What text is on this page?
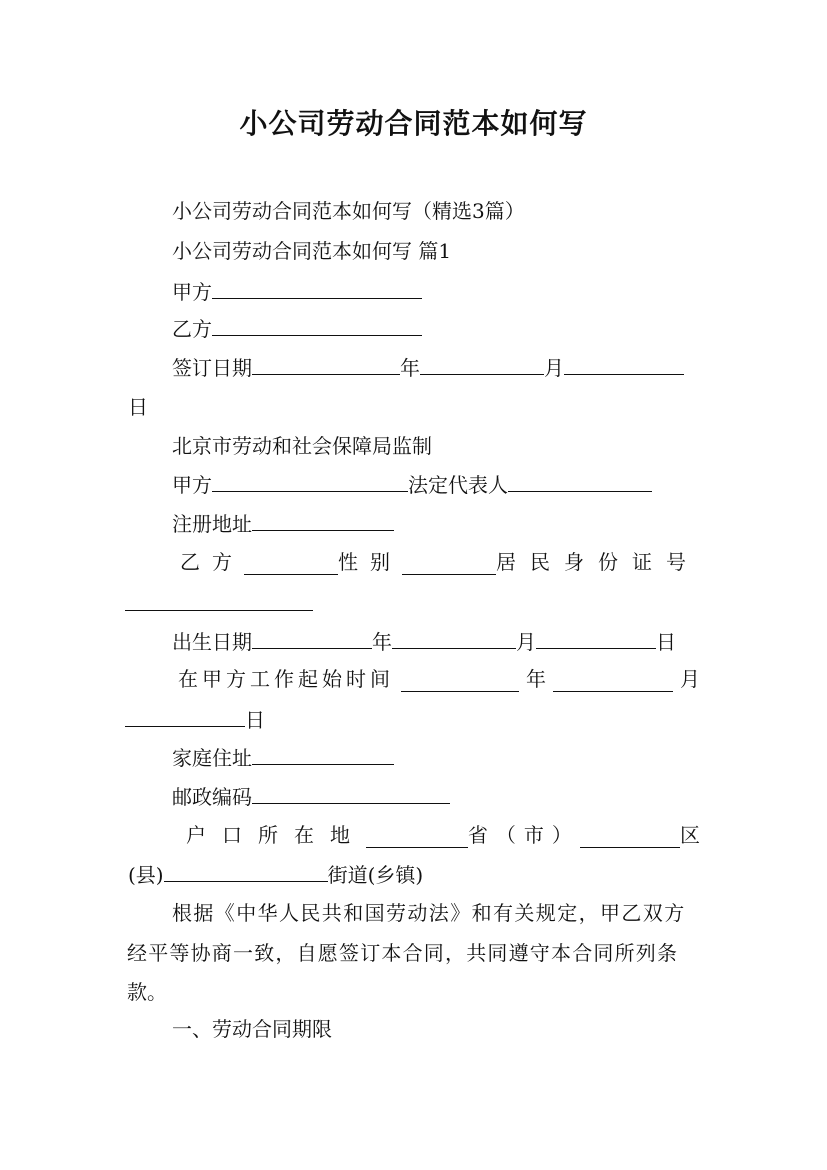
小公司劳动合同范本如何写
小公司劳动合同范本如何写（精选3篇）
小公司劳动合同范本如何写 篇1
甲方
乙方
签订日期	年	月
日
北京市劳动和社会保障局监制
甲方	法定代表人
注册地址
乙方	性别	居民身份证号
出生日期	年	月	日
在甲方工作起始时间	年	月
日
家庭住址
邮政编码
户口所在地	省（市）	区
(县)	街道(乡镇)
根据《中华人民共和国劳动法》和有关规定，甲乙双方
经平等协商一致，自愿签订本合同，共同遵守本合同所列条
款。
一、劳动合同期限
